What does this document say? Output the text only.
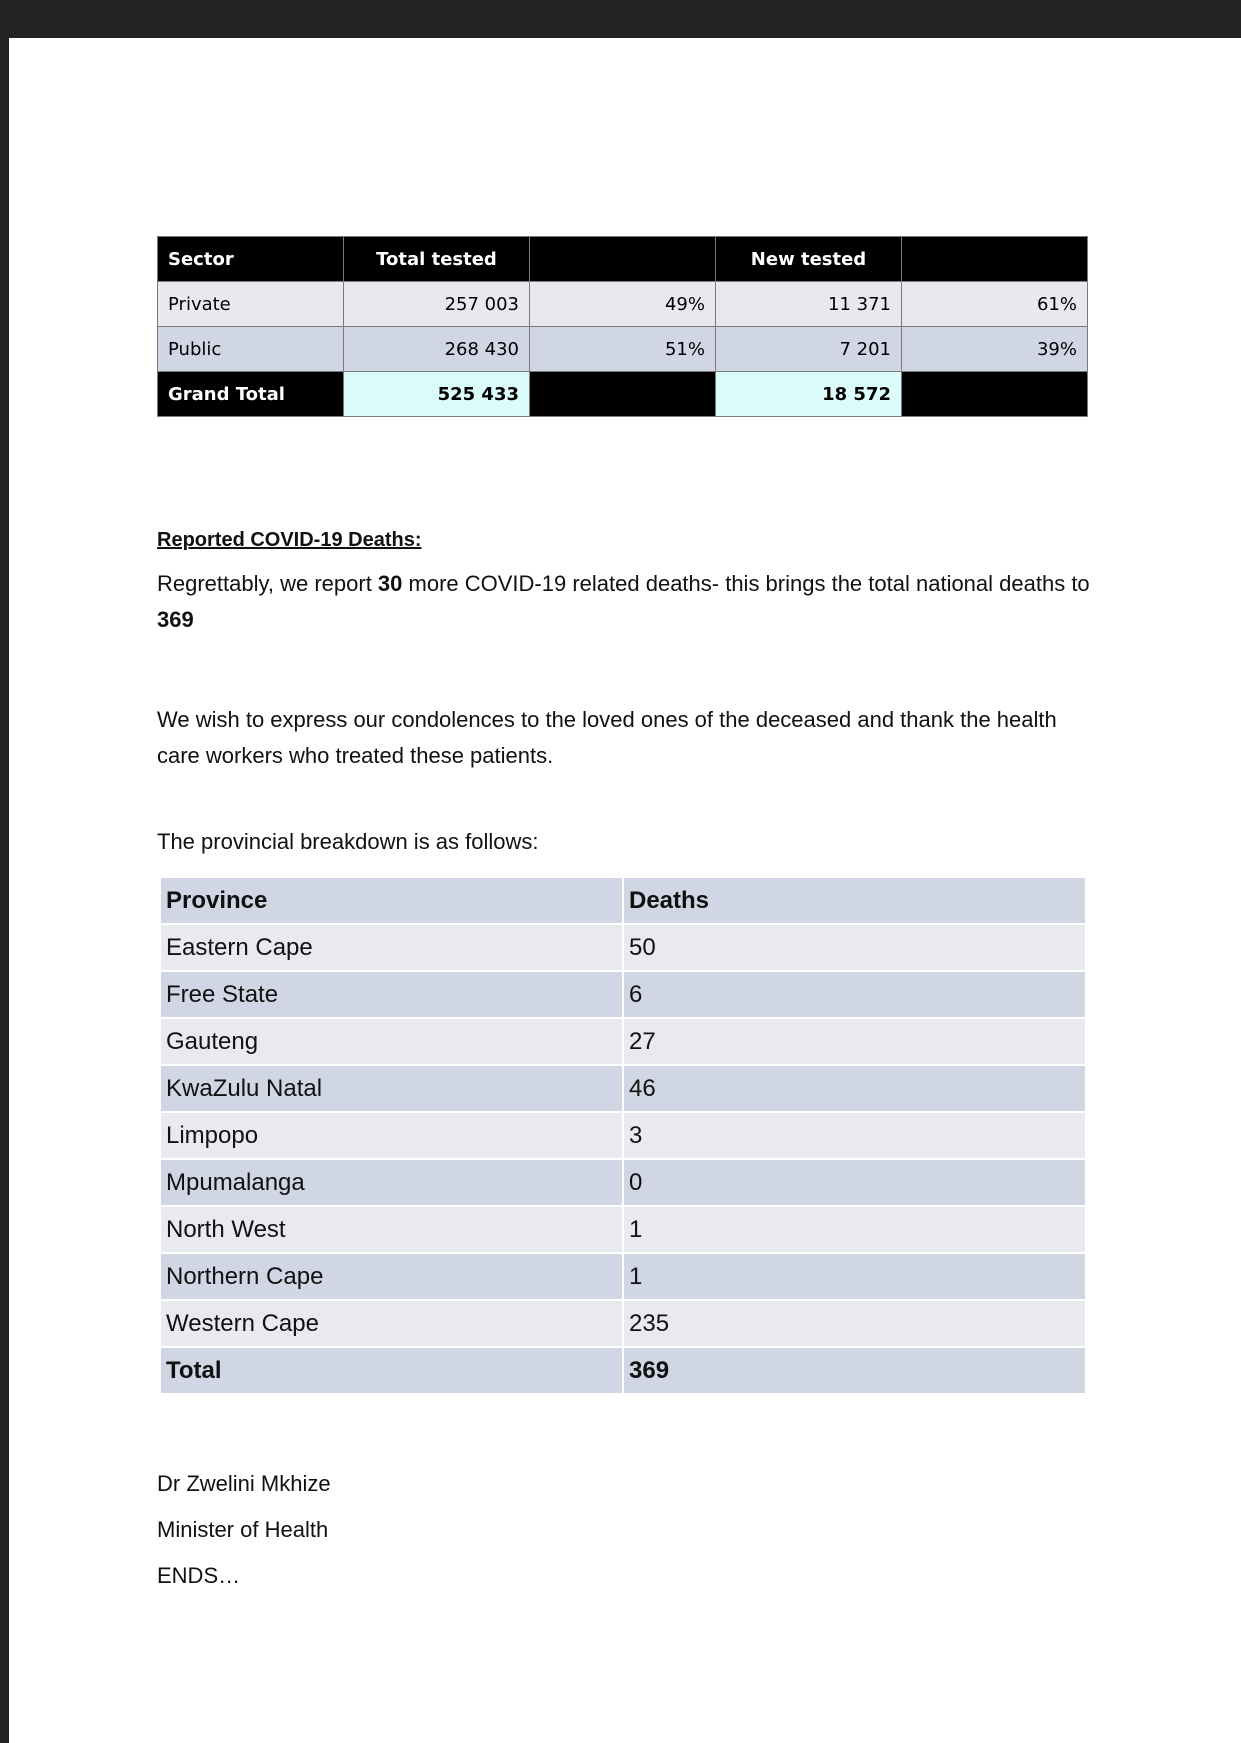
Sector	Total tested		New tested	
Private	257 003	49%	11 371	61%
Public	268 430	51%	7 201	39%
Grand Total	525 433		18 572	
Reported COVID-19 Deaths:

Regrettably, we report 30 more COVID-19 related deaths- this brings the total national deaths to 369

We wish to express our condolences to the loved ones of the deceased and thank the health care workers who treated these patients.

The provincial breakdown is as follows:

Province	Deaths
Eastern Cape	50
Free State	6
Gauteng	27
KwaZulu Natal	46
Limpopo	3
Mpumalanga	0
North West	1
Northern Cape	1
Western Cape	235
Total	369
Dr Zwelini Mkhize
Minister of Health
ENDS…
